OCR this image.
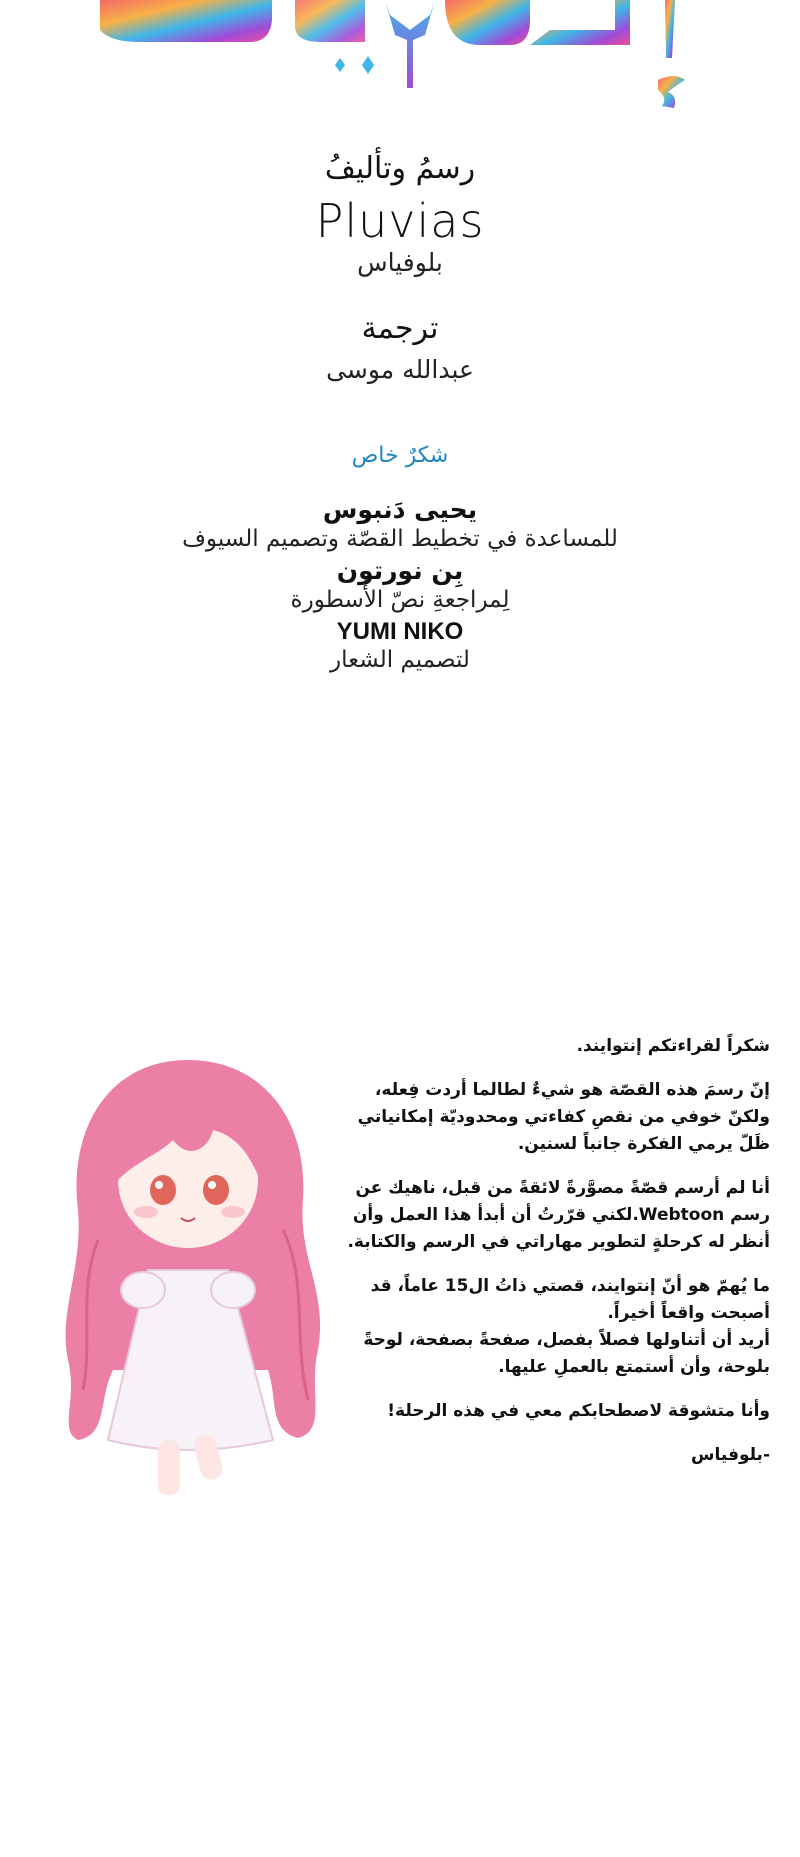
رسمُ وتأليفُ
Pluvias
بلوفياس
ترجمة
عبدالله موسى
شكرٌ خاص
يحيى دَنبوس
للمساعدة في تخطيط القصّة وتصميم السيوف
بِن نورتون
لِمراجعةِ نصّ الأُسطورة
YUMI NIKO
لتصميم الشعار

شكراً لقراءتكم إنتوايند.

إنّ رسمَ هذه القصّة هو شيءٌ لطالما أردت فِعله، ولكنّ خوفي من نقصِ كفاءتي ومحدوديّة إمكانياتي ظَلّ يرمي الفكرة جانباً لسنين.

أنا لم أرسم قصّةً مصوَّرةً لائقةً من قبل، ناهيك عن رسم Webtoon.لكني قرّرتُ أن أبدأ هذا العمل وأن أنظر له كرحلةٍ لتطوير مهاراتي في الرسم والكتابة.

ما يُهمّ هو أنّ إنتوايند، قصتي ذاتُ ال15 عاماً، قد أصبحت واقعاً أخيراً.

أريد أن أتناولها فصلاً بفصل، صفحةً بصفحة، لوحةً بلوحة، وأن أستمتع بالعملِ عليها.

وأنا متشوقة لاصطحابكم معي في هذه الرحلة!

-بلوفياس
